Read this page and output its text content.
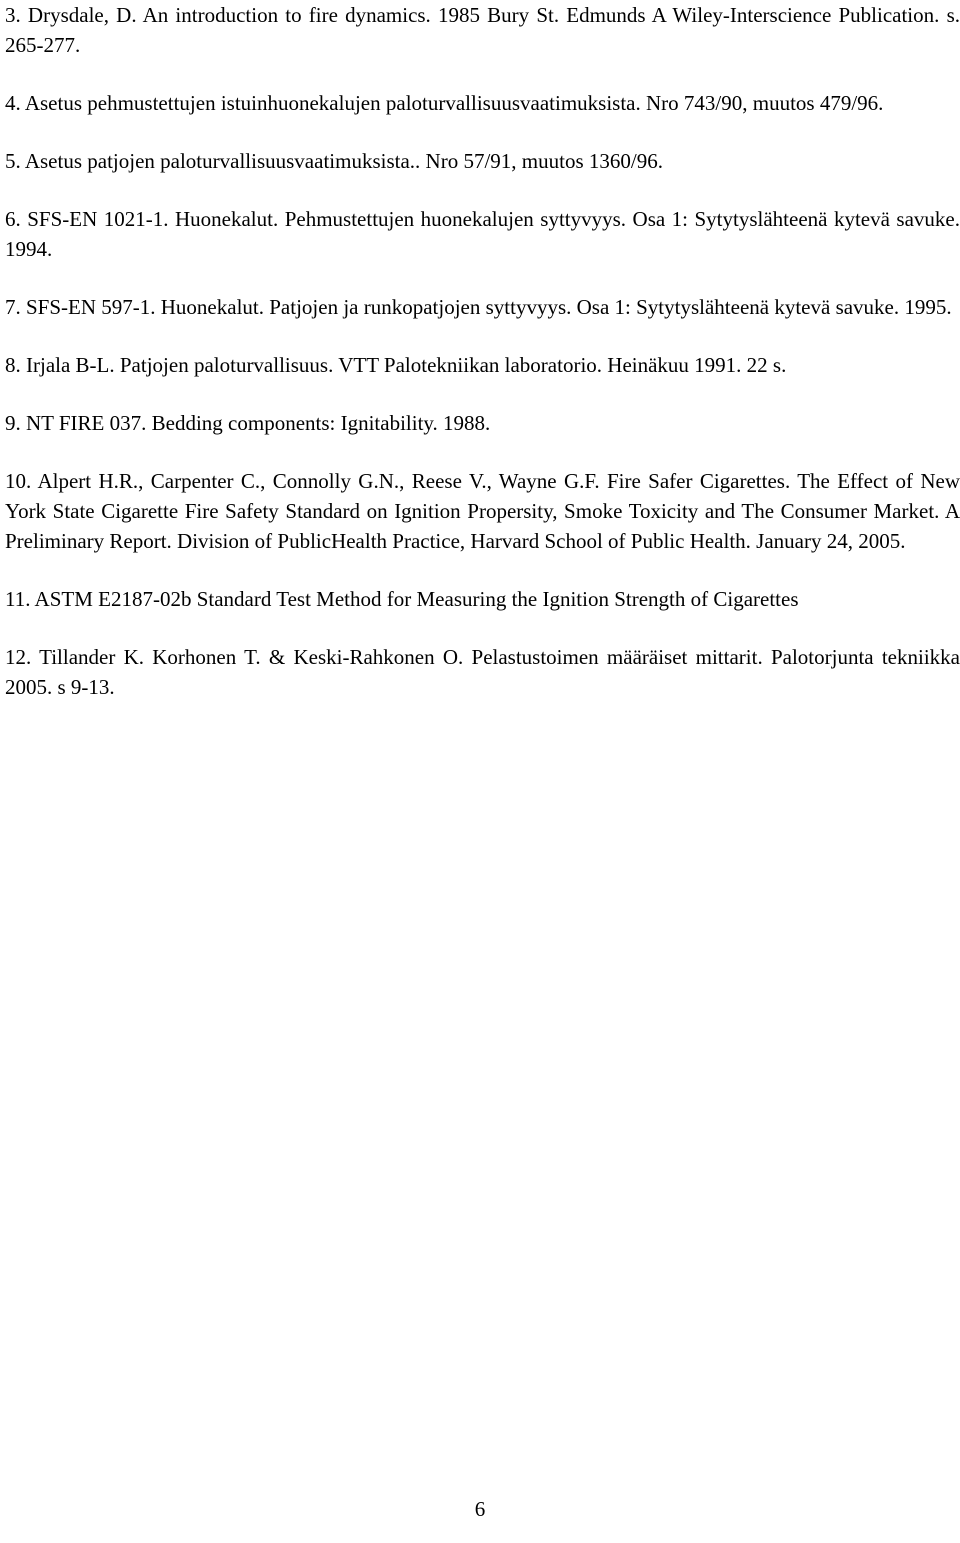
3. Drysdale, D. An introduction to fire dynamics. 1985 Bury St. Edmunds A Wiley-Interscience Publication. s. 265-277.

4. Asetus pehmustettujen istuinhuonekalujen paloturvallisuusvaatimuksista. Nro 743/90, muutos 479/96.

5. Asetus patjojen paloturvallisuusvaatimuksista.. Nro 57/91, muutos 1360/96.

6. SFS-EN 1021-1. Huonekalut. Pehmustettujen huonekalujen syttyvyys. Osa 1: Sytytyslähteenä kytevä savuke. 1994.

7. SFS-EN 597-1. Huonekalut. Patjojen ja runkopatjojen syttyvyys. Osa 1: Sytytyslähteenä kytevä savuke. 1995.

8. Irjala B-L. Patjojen paloturvallisuus. VTT Palotekniikan laboratorio. Heinäkuu 1991. 22 s.

9. NT FIRE 037. Bedding components: Ignitability. 1988.

10. Alpert H.R., Carpenter C., Connolly G.N., Reese V., Wayne G.F. Fire Safer Cigarettes. The Effect of New York State Cigarette Fire Safety Standard on Ignition Propersity, Smoke Toxicity and The Consumer Market. A Preliminary Report. Division of PublicHealth Practice, Harvard School of Public Health. January 24, 2005.

11. ASTM E2187-02b Standard Test Method for Measuring the Ignition Strength of Cigarettes

12. Tillander K. Korhonen T. & Keski-Rahkonen O. Pelastustoimen määräiset mittarit. Palotorjunta tekniikka 2005. s 9-13.

6
